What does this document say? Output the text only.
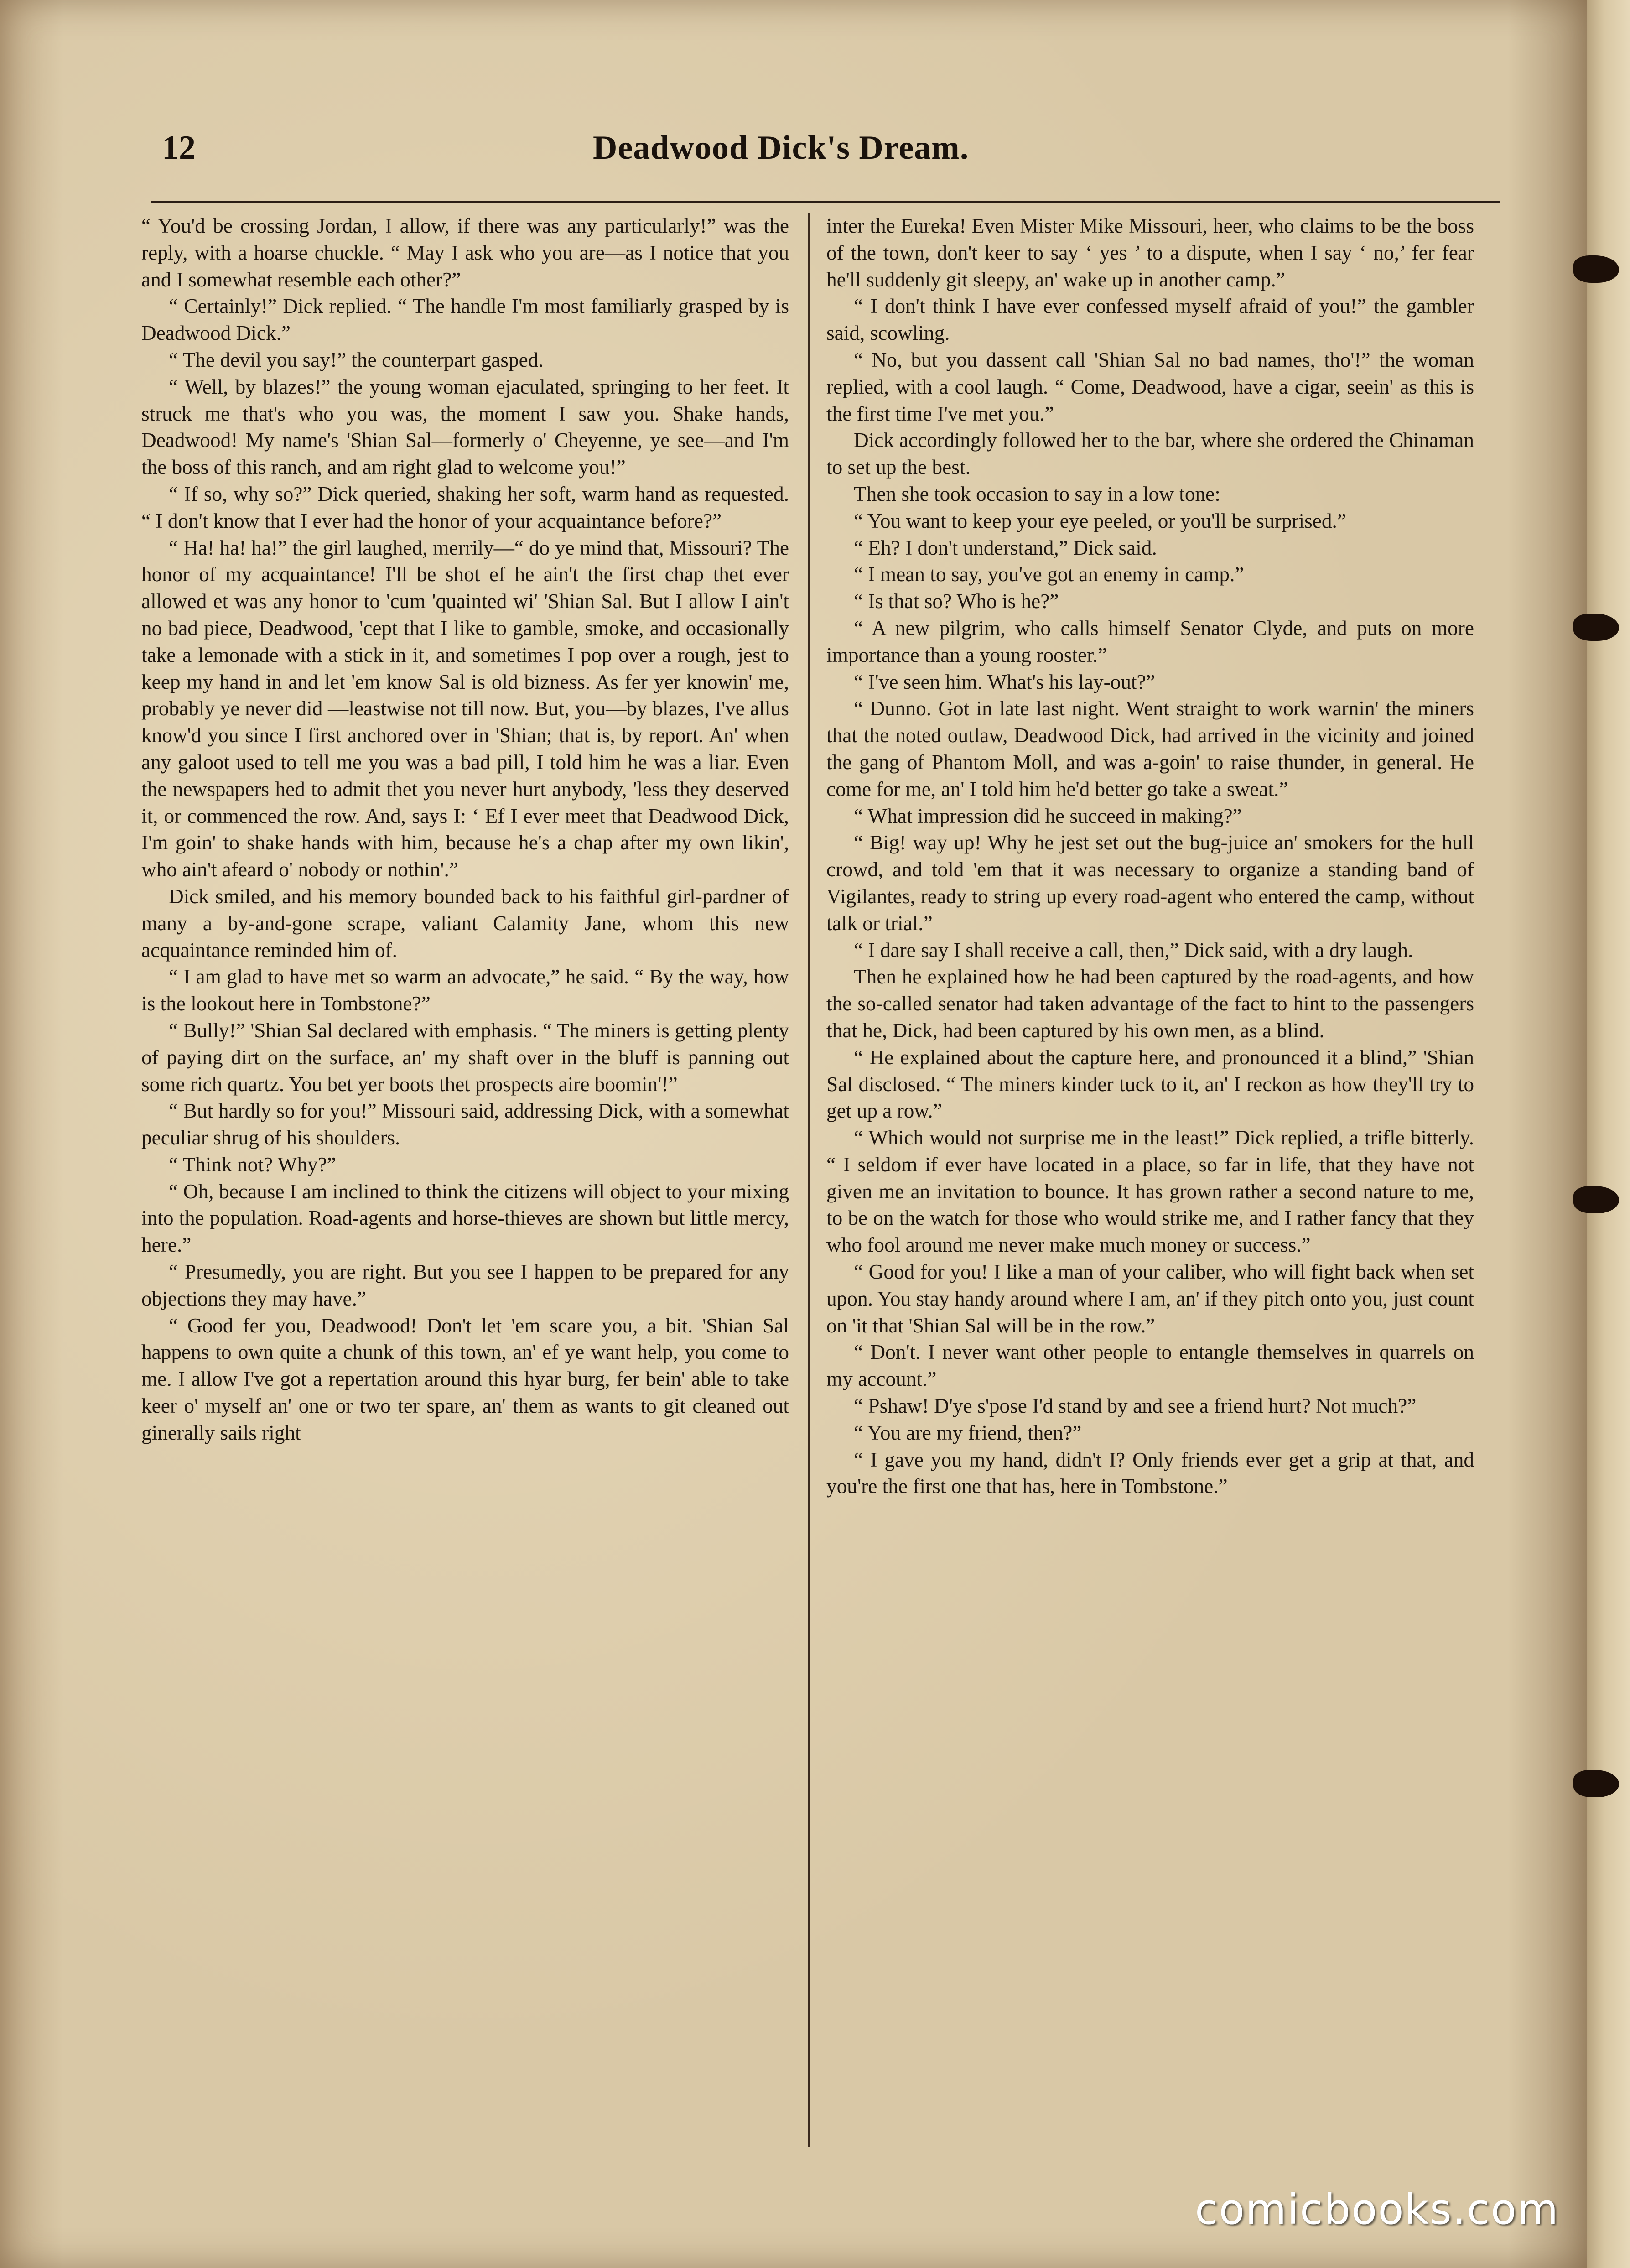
12	Deadwood Dick's Dream.

“ You'd be crossing Jordan, I allow, if there was any particularly!” was the reply, with a hoarse chuckle. “ May I ask who you are—as I notice that you and I somewhat resemble each other?”

“ Certainly!” Dick replied. “ The handle I'm most familiarly grasped by is Deadwood Dick.”

“ The devil you say!” the counterpart gasped.

“ Well, by blazes!” the young woman ejaculated, springing to her feet. It struck me that's who you was, the moment I saw you. Shake hands, Deadwood! My name's 'Shian Sal—formerly o' Cheyenne, ye see—and I'm the boss of this ranch, and am right glad to welcome you!”

“ If so, why so?” Dick queried, shaking her soft, warm hand as requested. “ I don't know that I ever had the honor of your acquaintance before?”

“ Ha! ha! ha!” the girl laughed, merrily—“ do ye mind that, Missouri? The honor of my acquaintance! I'll be shot ef he ain't the first chap thet ever allowed et was any honor to 'cum 'quainted wi' 'Shian Sal. But I allow I ain't no bad piece, Deadwood, 'cept that I like to gamble, smoke, and occasionally take a lemonade with a stick in it, and sometimes I pop over a rough, jest to keep my hand in and let 'em know Sal is old bizness. As fer yer knowin' me, probably ye never did —leastwise not till now. But, you—by blazes, I've allus know'd you since I first anchored over in 'Shian; that is, by report. An' when any galoot used to tell me you was a bad pill, I told him he was a liar. Even the newspapers hed to admit thet you never hurt anybody, 'less they deserved it, or commenced the row. And, says I: ‘ Ef I ever meet that Deadwood Dick, I'm goin' to shake hands with him, because he's a chap after my own likin', who ain't afeard o' nobody or nothin'.”

Dick smiled, and his memory bounded back to his faithful girl-pardner of many a by-and-gone scrape, valiant Calamity Jane, whom this new acquaintance reminded him of.

“ I am glad to have met so warm an advocate,” he said. “ By the way, how is the lookout here in Tombstone?”

“ Bully!” 'Shian Sal declared with emphasis. “ The miners is getting plenty of paying dirt on the surface, an' my shaft over in the bluff is panning out some rich quartz. You bet yer boots thet prospects aire boomin'!”

“ But hardly so for you!” Missouri said, addressing Dick, with a somewhat peculiar shrug of his shoulders.

“ Think not? Why?”

“ Oh, because I am inclined to think the citizens will object to your mixing into the population. Road-agents and horse-thieves are shown but little mercy, here.”

“ Presumedly, you are right. But you see I happen to be prepared for any objections they may have.”

“ Good fer you, Deadwood! Don't let 'em scare you, a bit. 'Shian Sal happens to own quite a chunk of this town, an' ef ye want help, you come to me. I allow I've got a repertation around this hyar burg, fer bein' able to take keer o' myself an' one or two ter spare, an' them as wants to git cleaned out ginerally sails right

inter the Eureka! Even Mister Mike Missouri, heer, who claims to be the boss of the town, don't keer to say ‘ yes ’ to a dispute, when I say ‘ no,’ fer fear he'll suddenly git sleepy, an' wake up in another camp.”

“ I don't think I have ever confessed myself afraid of you!” the gambler said, scowling.

“ No, but you dassent call 'Shian Sal no bad names, tho'!” the woman replied, with a cool laugh. “ Come, Deadwood, have a cigar, seein' as this is the first time I've met you.”

Dick accordingly followed her to the bar, where she ordered the Chinaman to set up the best.

Then she took occasion to say in a low tone:

“ You want to keep your eye peeled, or you'll be surprised.”

“ Eh? I don't understand,” Dick said.

“ I mean to say, you've got an enemy in camp.”

“ Is that so? Who is he?”

“ A new pilgrim, who calls himself Senator Clyde, and puts on more importance than a young rooster.”

“ I've seen him. What's his lay-out?”

“ Dunno. Got in late last night. Went straight to work warnin' the miners that the noted outlaw, Deadwood Dick, had arrived in the vicinity and joined the gang of Phantom Moll, and was a-goin' to raise thunder, in general. He come for me, an' I told him he'd better go take a sweat.”

“ What impression did he succeed in making?”

“ Big! way up! Why he jest set out the bug-juice an' smokers for the hull crowd, and told 'em that it was necessary to organize a standing band of Vigilantes, ready to string up every road-agent who entered the camp, without talk or trial.”

“ I dare say I shall receive a call, then,” Dick said, with a dry laugh.

Then he explained how he had been captured by the road-agents, and how the so-called senator had taken advantage of the fact to hint to the passengers that he, Dick, had been captured by his own men, as a blind.

“ He explained about the capture here, and pronounced it a blind,” 'Shian Sal disclosed. “ The miners kinder tuck to it, an' I reckon as how they'll try to get up a row.”

“ Which would not surprise me in the least!” Dick replied, a trifle bitterly. “ I seldom if ever have located in a place, so far in life, that they have not given me an invitation to bounce. It has grown rather a second nature to me, to be on the watch for those who would strike me, and I rather fancy that they who fool around me never make much money or success.”

“ Good for you! I like a man of your caliber, who will fight back when set upon. You stay handy around where I am, an' if they pitch onto you, just count on 'it that 'Shian Sal will be in the row.”

“ Don't. I never want other people to entangle themselves in quarrels on my account.”

“ Pshaw! D'ye s'pose I'd stand by and see a friend hurt? Not much?”

“ You are my friend, then?”

“ I gave you my hand, didn't I? Only friends ever get a grip at that, and you're the first one that has, here in Tombstone.”

comicbooks.com
